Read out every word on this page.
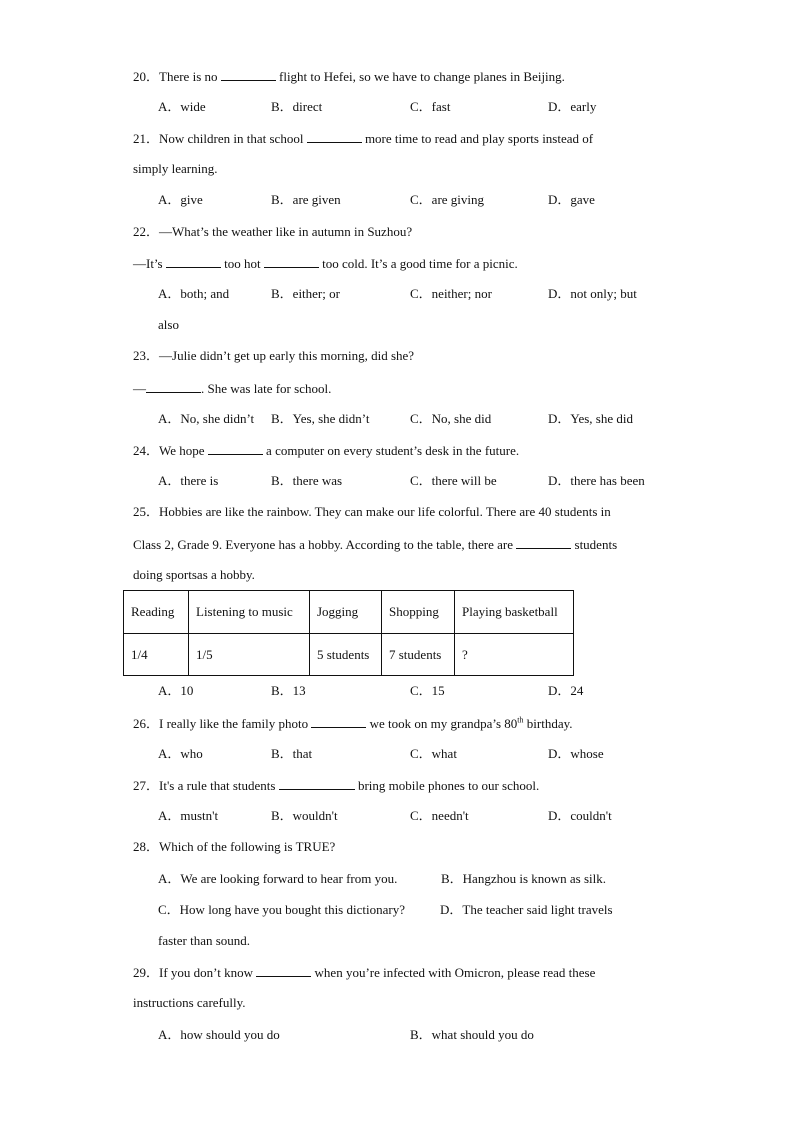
20．There is no	flight to Hefei, so we have to change planes in Beijing.
A．wide	B．direct	C．fast	D．early
21．Now children in that school	more time to read and play sports instead of
simply learning.
A．give	B．are given	C．are giving	D．gave
22．—What’s the weather like in autumn in Suzhou?
—It’s	too hot	too cold. It’s a good time for a picnic.
A．both; and	B．either; or	C．neither; nor	D．not only; but
also
23．—Julie didn’t get up early this morning, did she?
—	. She was late for school.
A．No, she didn’t B．Yes, she didn’t	C．No, she did	D．Yes, she did
24．We hope	a computer on every student’s desk in the future.
A．there is	B．there was	C．there will be	D．there has been
25．Hobbies are like the rainbow. They can make our life colorful. There are 40 students in
Class 2, Grade 9. Everyone has a hobby. According to the table, there are	students
doing sportsas a hobby.
Reading	Listening to music	Jogging	Shopping	Playing basketball
1/4	1/5	5 students	7 students	?
A．10	B．13	C．15	D．24
26．I really like the family photo	we took on my grandpa’s 80th birthday.
A．who	B．that	C．what	D．whose
27．It's a rule that students	bring mobile phones to our school.
A．mustn't	B．wouldn't	C．needn't	D．couldn't
28．Which of the following is TRUE?
A．We are looking forward to hear from you.	B．Hangzhou is known as silk.
C．How long have you bought this dictionary?	D．The teacher said light travels
faster than sound.
29．If you don’t know	when you’re infected with Omicron, please read these
instructions carefully.
A．how should you do	B．what should you do
